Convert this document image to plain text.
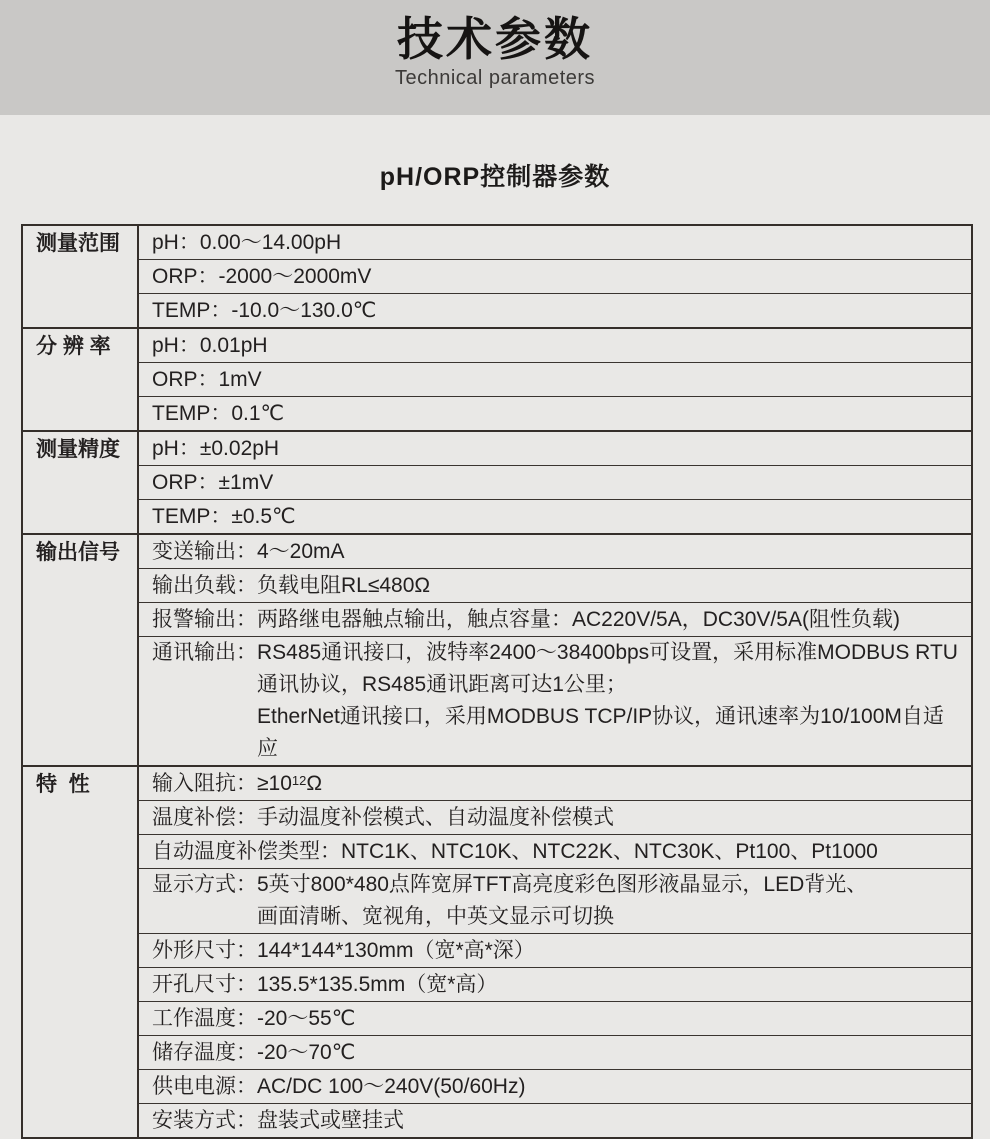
技术参数
Technical parameters
pH/ORP控制器参数
测量范围	pH：0.00～14.00pH
ORP：-2000～2000mV
TEMP：-10.0～130.0℃
分 辨 率	pH：0.01pH
ORP：1mV
TEMP：0.1℃
测量精度	pH：±0.02pH
ORP：±1mV
TEMP：±0.5℃
输出信号	变送输出：4～20mA
输出负载：负载电阻RL≤480Ω
报警输出：两路继电器触点输出，触点容量：AC220V/5A，DC30V/5A(阻性负载)
通讯输出：RS485通讯接口，波特率2400～38400bps可设置，采用标准MODBUS RTU
通讯协议，RS485通讯距离可达1公里；
EtherNet通讯接口，采用MODBUS TCP/IP协议，通讯速率为10/100M自适应
特  性	输入阻抗：$\ge 10^{12}\Omega$
温度补偿：手动温度补偿模式、自动温度补偿模式
自动温度补偿类型：NTC1K、NTC10K、NTC22K、NTC30K、Pt100、Pt1000
显示方式：5英寸800*480点阵宽屏TFT高亮度彩色图形液晶显示，LED背光、
画面清晰、宽视角，中英文显示可切换
外形尺寸：144*144*130mm（宽*高*深）
开孔尺寸：135.5*135.5mm（宽*高）
工作温度：-20～55℃
储存温度：-20～70℃
供电电源：AC/DC 100～240V(50/60Hz)
安装方式：盘装式或壁挂式
